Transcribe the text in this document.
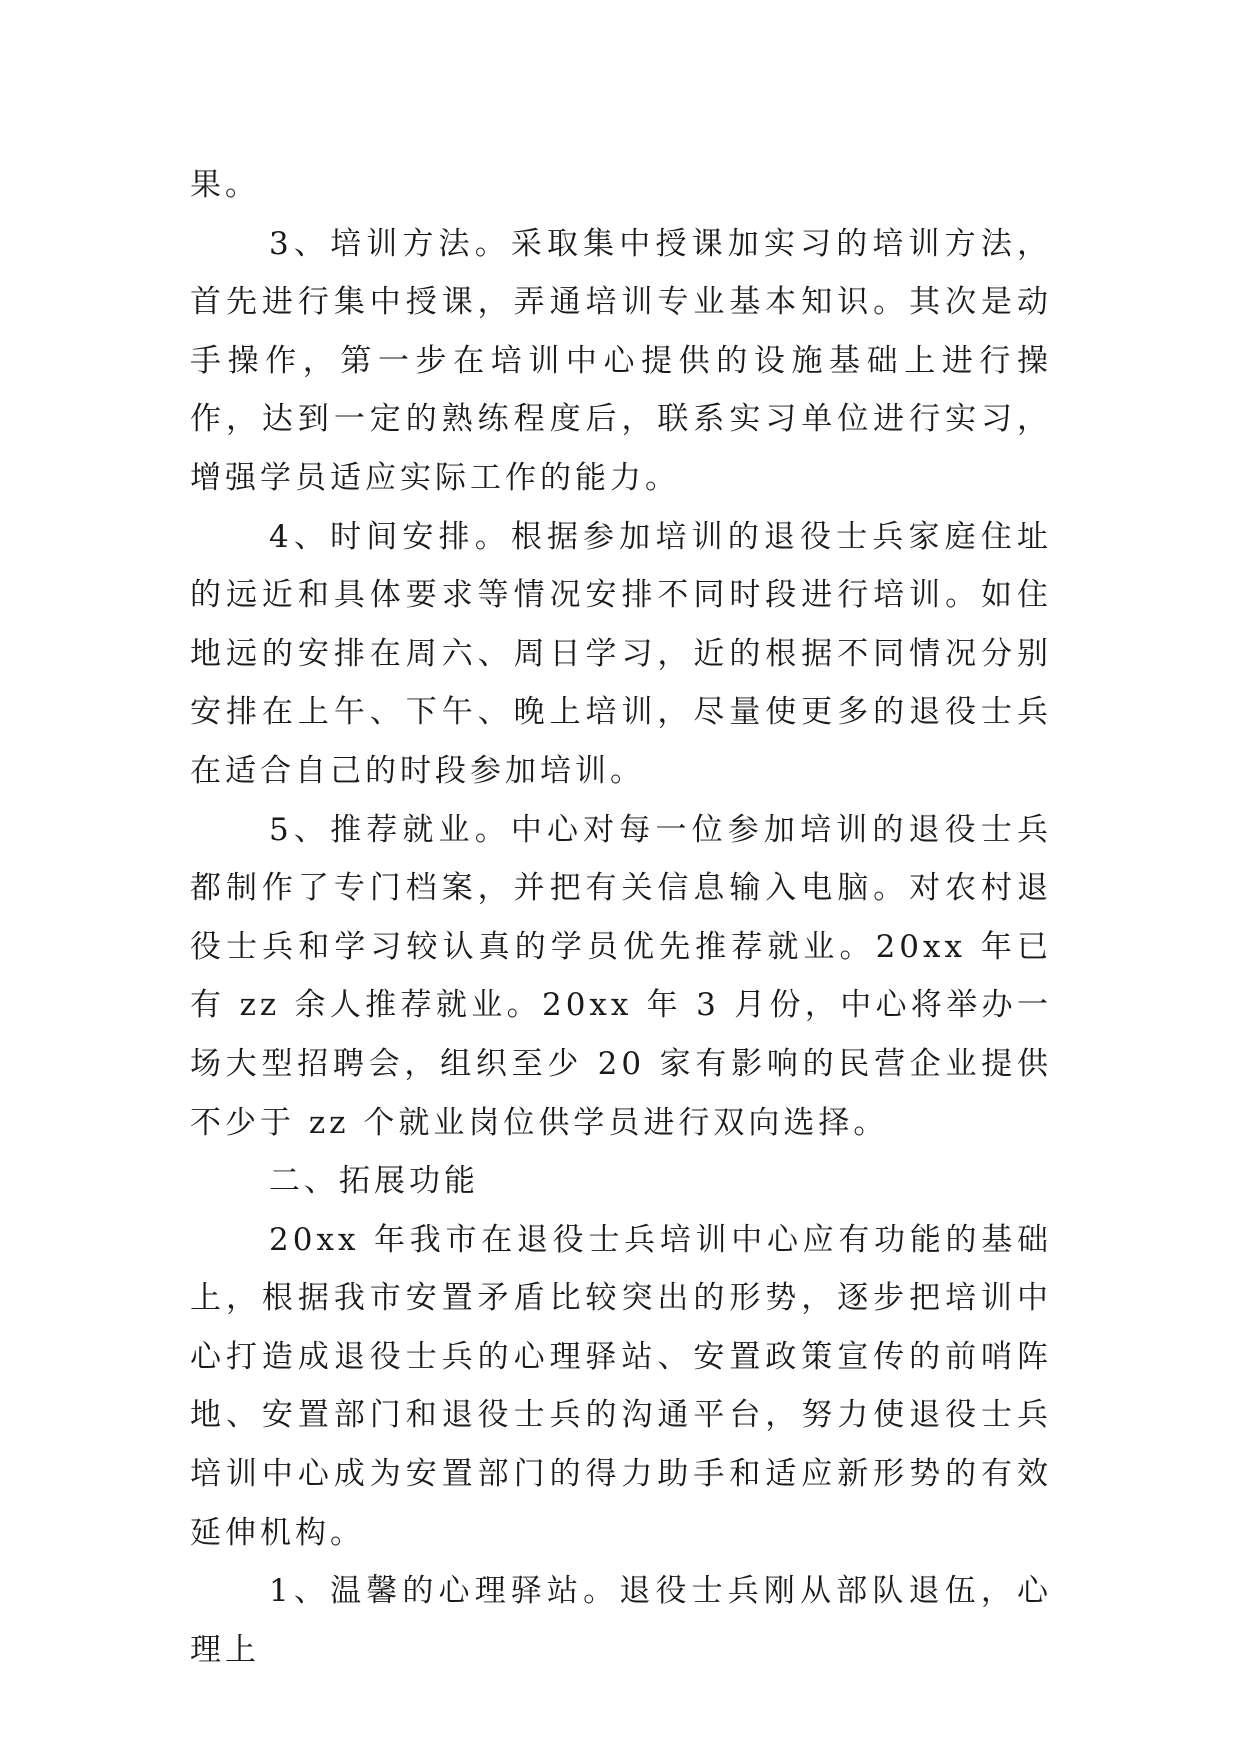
果。

3、培训方法。采取集中授课加实习的培训方法，首先进行集中授课，弄通培训专业基本知识。其次是动手操作，第一步在培训中心提供的设施基础上进行操作，达到一定的熟练程度后，联系实习单位进行实习，增强学员适应实际工作的能力。

4、时间安排。根据参加培训的退役士兵家庭住址的远近和具体要求等情况安排不同时段进行培训。如住地远的安排在周六、周日学习，近的根据不同情况分别安排在上午、下午、晚上培训，尽量使更多的退役士兵在适合自己的时段参加培训。

5、推荐就业。中心对每一位参加培训的退役士兵都制作了专门档案，并把有关信息输入电脑。对农村退役士兵和学习较认真的学员优先推荐就业。20xx 年已有 zz 余人推荐就业。20xx 年 3 月份，中心将举办一场大型招聘会，组织至少 20 家有影响的民营企业提供不少于 zz 个就业岗位供学员进行双向选择。

二、拓展功能

20xx 年我市在退役士兵培训中心应有功能的基础上，根据我市安置矛盾比较突出的形势，逐步把培训中心打造成退役士兵的心理驿站、安置政策宣传的前哨阵地、安置部门和退役士兵的沟通平台，努力使退役士兵培训中心成为安置部门的得力助手和适应新形势的有效延伸机构。

1、温馨的心理驿站。退役士兵刚从部队退伍，心理上
